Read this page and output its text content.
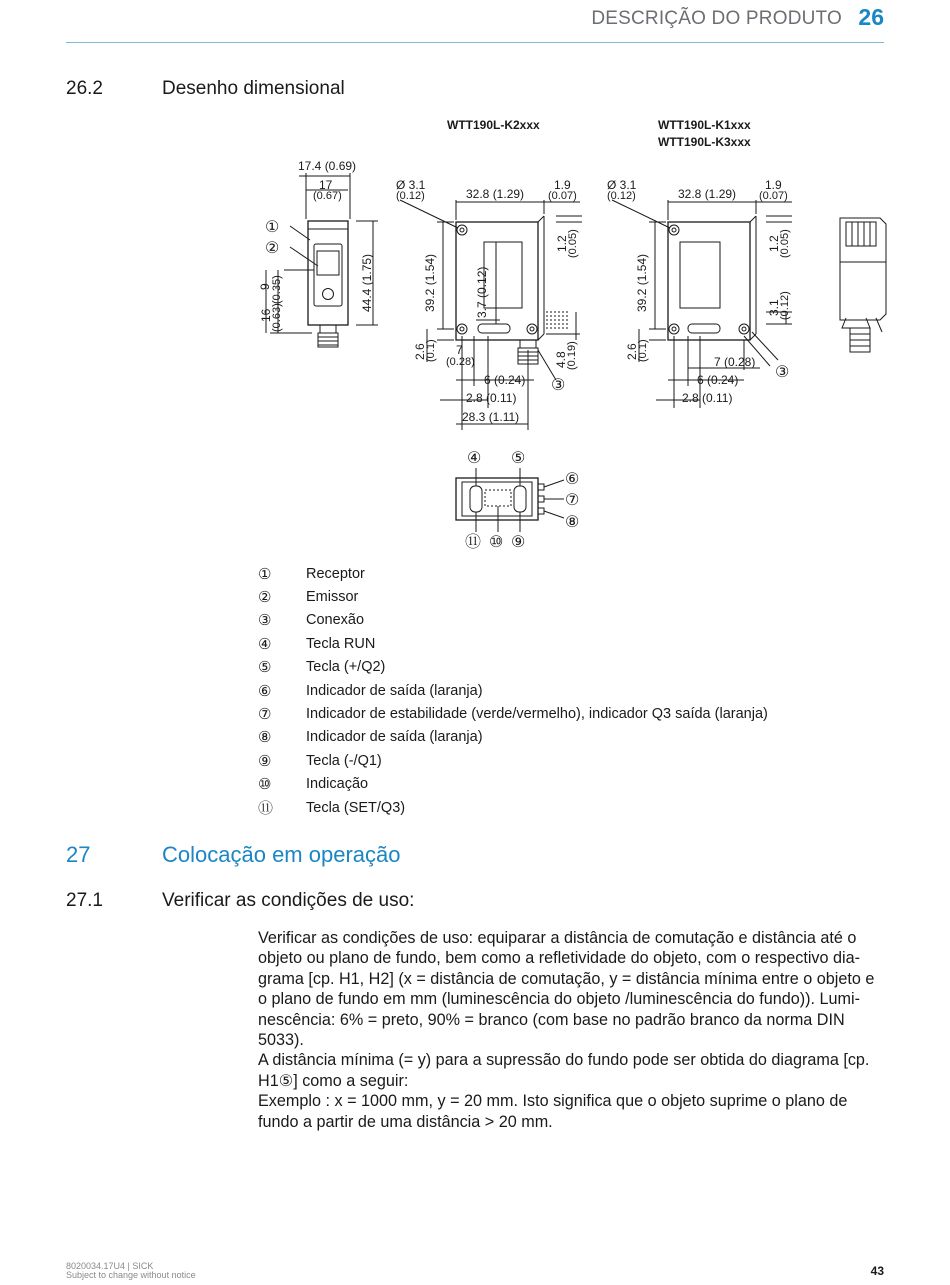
DESCRIÇÃO DO PRODUTO 26
26.2	Desenho dimensional
WTT190L-K2xxx	WTT190L-K1xxx
WTT190L-K3xxx
17.4 (0.69)
17
(0.67)
44.4 (1.75)
9 (0.35)
16
(0.63)
①
②
Ø 3.1
(0.12)	32.8 (1.29)
1.9
(0.07)
1.2
(0.05)
39.2 (1.54)	3.7 (0.12)
2.6
(0.1) 7
(0.28)	4.8
(0.19)
6 (0.24)
2.8 (0.11)
28.3 (1.11)
③
Ø 3.1
(0.12)	32.8 (1.29)
1.9
(0.07)
1.2
(0.05)
39.2 (1.54)
2.6
(0.1)
3.1
(0.12)
7 (0.28)
6 (0.24)
2.8 (0.11)
③
④ ⑤
⑥
⑦
⑧
⑪ ⑩ ⑨
①	Receptor
②	Emissor
③	Conexão
④	Tecla RUN
⑤	Tecla (+/Q2)
⑥	Indicador de saída (laranja)
⑦	Indicador de estabilidade (verde/vermelho), indicador Q3 saída (laranja)
⑧	Indicador de saída (laranja)
⑨	Tecla (-/Q1)
⑩	Indicação
⑪	Tecla (SET/Q3)
27	Colocação em operação
27.1	Verificar as condições de uso:

Verificar as condições de uso: equiparar a distância de comutação e distância até o objeto ou plano de fundo, bem como a refletividade do objeto, com o respectivo dia-grama [cp. H1, H2] (x = distância de comutação, y = distância mínima entre o objeto e o plano de fundo em mm (luminescência do objeto /luminescência do fundo)). Lumi-nescência: 6% = preto, 90% = branco (com base no padrão branco da norma DIN 5033).

A distância mínima (= y) para a supressão do fundo pode ser obtida do diagrama [cp. H1⑤] como a seguir:

Exemplo : x = 1000 mm, y = 20 mm. Isto significa que o objeto suprime o plano de fundo a partir de uma distância > 20 mm.

8020034.17U4 | SICK
Subject to change without notice	43
